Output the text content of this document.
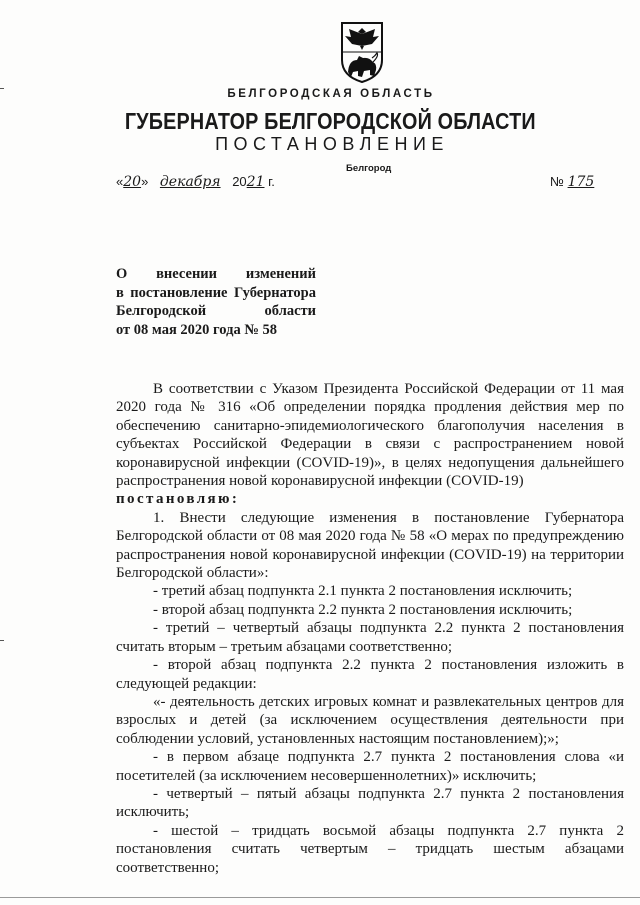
БЕЛГОРОДСКАЯ ОБЛАСТЬ
ГУБЕРНАТОР БЕЛГОРОДСКОЙ ОБЛАСТИ
ПОСТАНОВЛЕНИЕ
Белгород
«20» декабря 2021 г.	№ 175
О внесении изменений
в постановление Губернатора
Белгородской области
от 08 мая 2020 года № 58

В соответствии с Указом Президента Российской Федерации от 11 мая 2020 года № 316 «Об определении порядка продления действия мер по обеспечению санитарно-эпидемиологического благополучия населения в субъектах Российской Федерации в связи с распространением новой коронавирусной инфекции (COVID-19)», в целях недопущения дальнейшего распространения новой коронавирусной инфекции (COVID-19)

постановляю:

1. Внести следующие изменения в постановление Губернатора Белгородской области от 08 мая 2020 года № 58 «О мерах по предупреждению распространения новой коронавирусной инфекции (COVID-19) на территории Белгородской области»:

- третий абзац подпункта 2.1 пункта 2 постановления исключить;

- второй абзац подпункта 2.2 пункта 2 постановления исключить;

- третий – четвертый абзацы подпункта 2.2 пункта 2 постановления считать вторым – третьим абзацами соответственно;

- второй абзац подпункта 2.2 пункта 2 постановления изложить в следующей редакции:

«- деятельность детских игровых комнат и развлекательных центров для взрослых и детей (за исключением осуществления деятельности при соблюдении условий, установленных настоящим постановлением);»;

- в первом абзаце подпункта 2.7 пункта 2 постановления слова «и посетителей (за исключением несовершеннолетних)» исключить;

- четвертый – пятый абзацы подпункта 2.7 пункта 2 постановления исключить;

- шестой – тридцать восьмой абзацы подпункта 2.7 пункта 2 постановления считать четвертым – тридцать шестым абзацами соответственно;
